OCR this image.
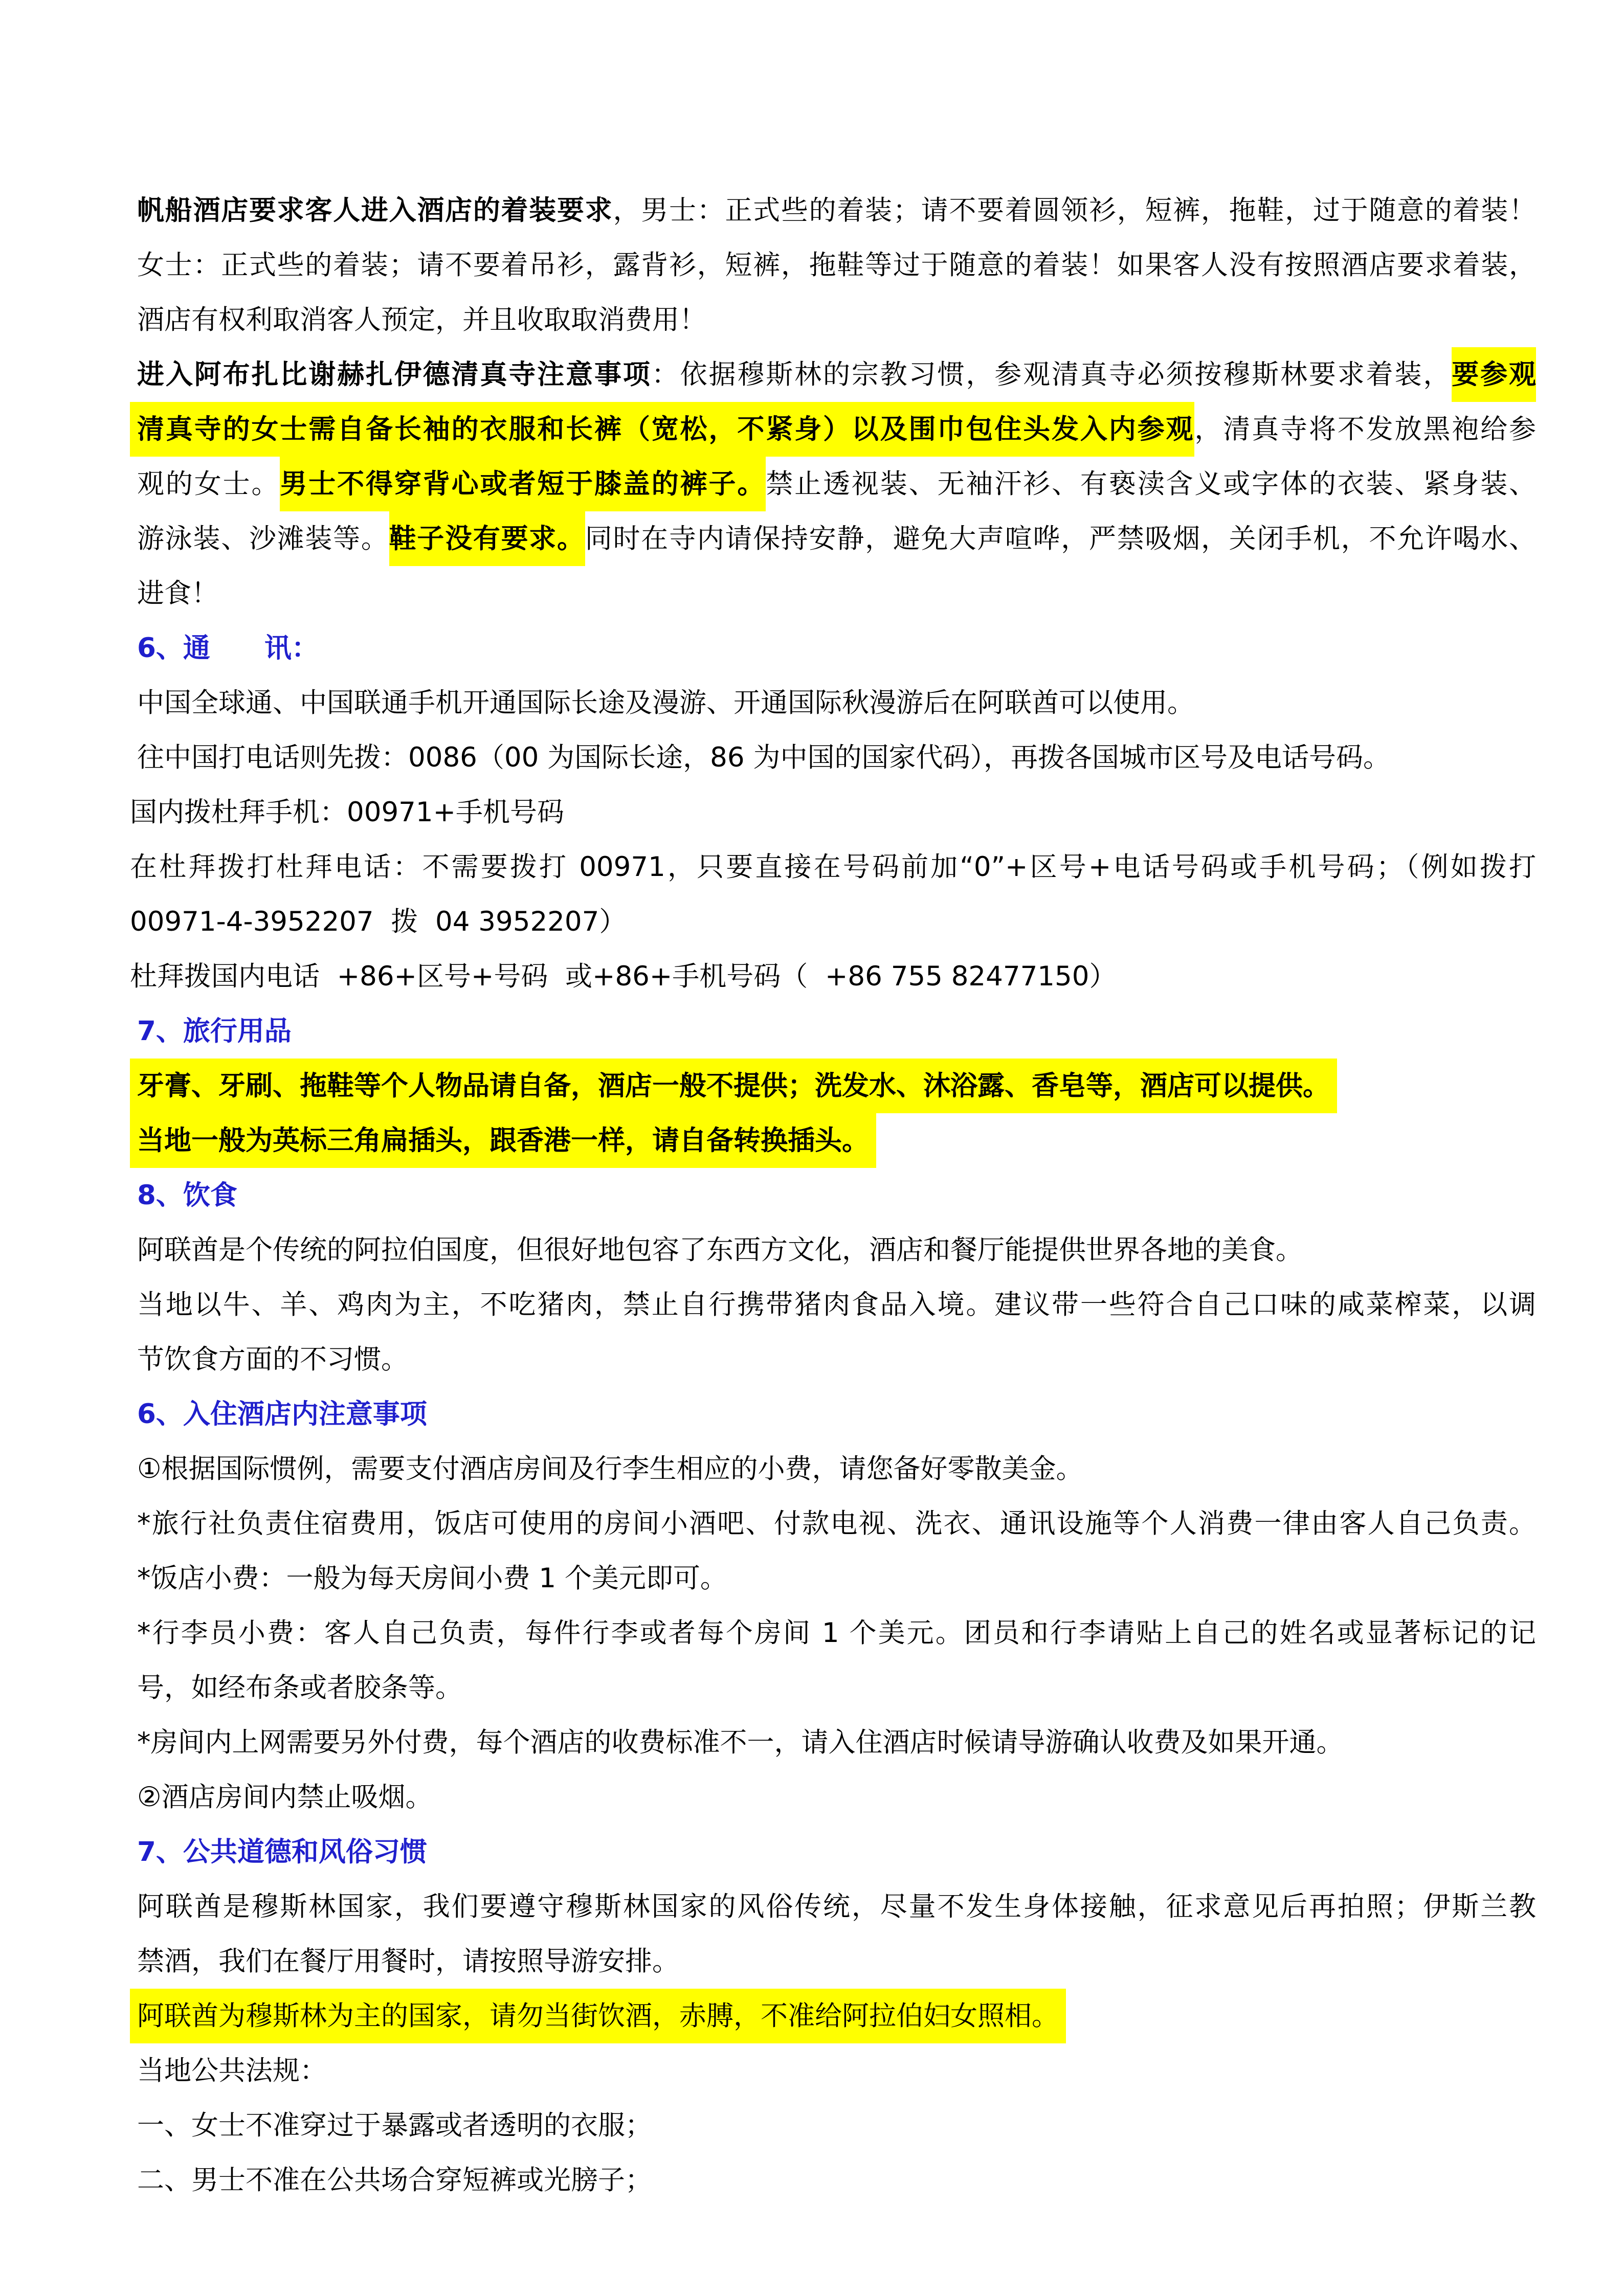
帆船酒店要求客人进入酒店的着装要求，男士：正式些的着装；请不要着圆领衫，短裤，拖鞋，过于随意的着装！
女士：正式些的着装；请不要着吊衫，露背衫，短裤，拖鞋等过于随意的着装！如果客人没有按照酒店要求着装，
酒店有权利取消客人预定，并且收取取消费用！
进入阿布扎比谢赫扎伊德清真寺注意事项：依据穆斯林的宗教习惯，参观清真寺必须按穆斯林要求着装，要参观
清真寺的女士需自备长袖的衣服和长裤（宽松，不紧身）以及围巾包住头发入内参观，清真寺将不发放黑袍给参
观的女士。男士不得穿背心或者短于膝盖的裤子。禁止透视装、无袖汗衫、有亵渎含义或字体的衣装、紧身装、
游泳装、沙滩装等。鞋子没有要求。同时在寺内请保持安静，避免大声喧哗，严禁吸烟，关闭手机，不允许喝水、
进食！
6、通　　讯：
中国全球通、中国联通手机开通国际长途及漫游、开通国际秋漫游后在阿联酋可以使用。
往中国打电话则先拨：0086（00 为国际长途，86 为中国的国家代码），再拨各国城市区号及电话号码。
国内拨杜拜手机：00971+手机号码
在杜拜拨打杜拜电话：不需要拨打 00971，只要直接在号码前加“0”+区号+电话号码或手机号码；（例如拨打
00971-4-3952207  拨  04 3952207）
杜拜拨国内电话  +86+区号+号码  或+86+手机号码（  +86 755 82477150）
7、旅行用品
牙膏、牙刷、拖鞋等个人物品请自备，酒店一般不提供；洗发水、沐浴露、香皂等，酒店可以提供。
当地一般为英标三角扁插头，跟香港一样，请自备转换插头。
8、饮食
阿联酋是个传统的阿拉伯国度，但很好地包容了东西方文化，酒店和餐厅能提供世界各地的美食。
当地以牛、羊、鸡肉为主，不吃猪肉，禁止自行携带猪肉食品入境。建议带一些符合自己口味的咸菜榨菜，以调
节饮食方面的不习惯。
6、入住酒店内注意事项
①根据国际惯例，需要支付酒店房间及行李生相应的小费，请您备好零散美金。
*旅行社负责住宿费用，饭店可使用的房间小酒吧、付款电视、洗衣、通讯设施等个人消费一律由客人自己负责。
*饭店小费：一般为每天房间小费 1 个美元即可。
*行李员小费：客人自己负责，每件行李或者每个房间 1 个美元。团员和行李请贴上自己的姓名或显著标记的记
号，如经布条或者胶条等。
*房间内上网需要另外付费，每个酒店的收费标准不一，请入住酒店时候请导游确认收费及如果开通。
②酒店房间内禁止吸烟。
7、公共道德和风俗习惯
阿联酋是穆斯林国家，我们要遵守穆斯林国家的风俗传统，尽量不发生身体接触，征求意见后再拍照；伊斯兰教
禁酒，我们在餐厅用餐时，请按照导游安排。
阿联酋为穆斯林为主的国家，请勿当街饮酒，赤膊，不准给阿拉伯妇女照相。
当地公共法规：
一、女士不准穿过于暴露或者透明的衣服；
二、男士不准在公共场合穿短裤或光膀子；
